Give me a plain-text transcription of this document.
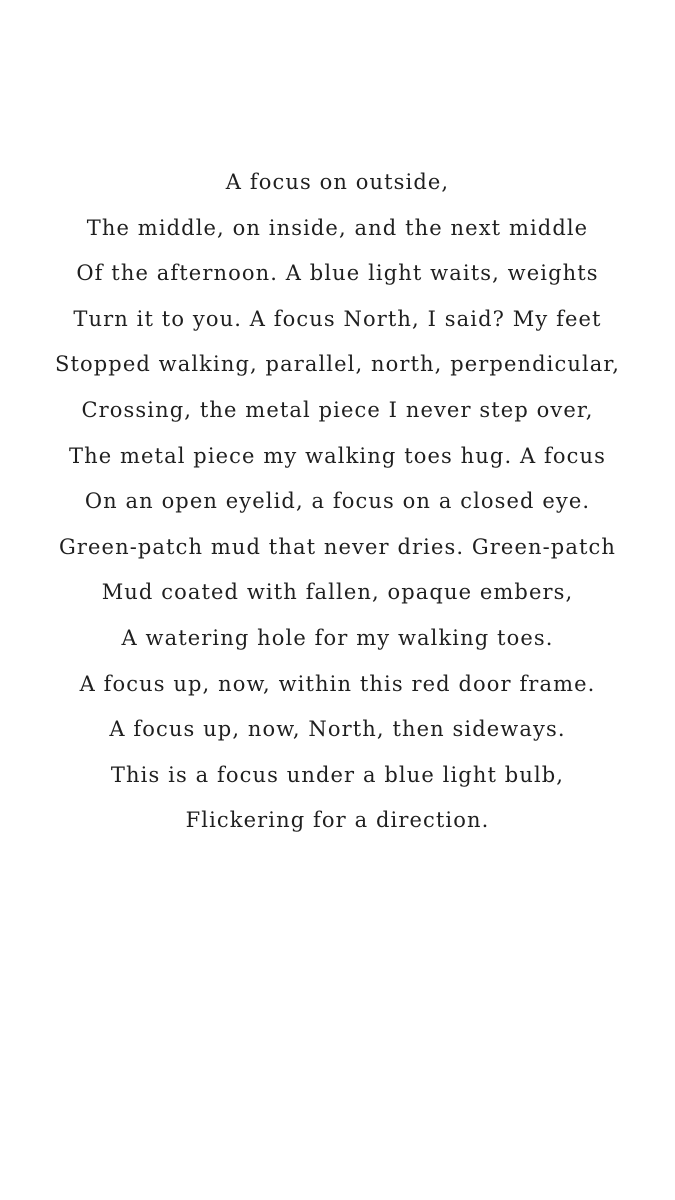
A focus on outside,
The middle, on inside, and the next middle
Of the afternoon. A blue light waits, weights
Turn it to you. A focus North, I said? My feet
Stopped walking, parallel, north, perpendicular,
Crossing, the metal piece I never step over,
The metal piece my walking toes hug. A focus
On an open eyelid, a focus on a closed eye.
Green-patch mud that never dries. Green-patch
Mud coated with fallen, opaque embers,
A watering hole for my walking toes.
A focus up, now, within this red door frame.
A focus up, now, North, then sideways.
This is a focus under a blue light bulb,
Flickering for a direction.
